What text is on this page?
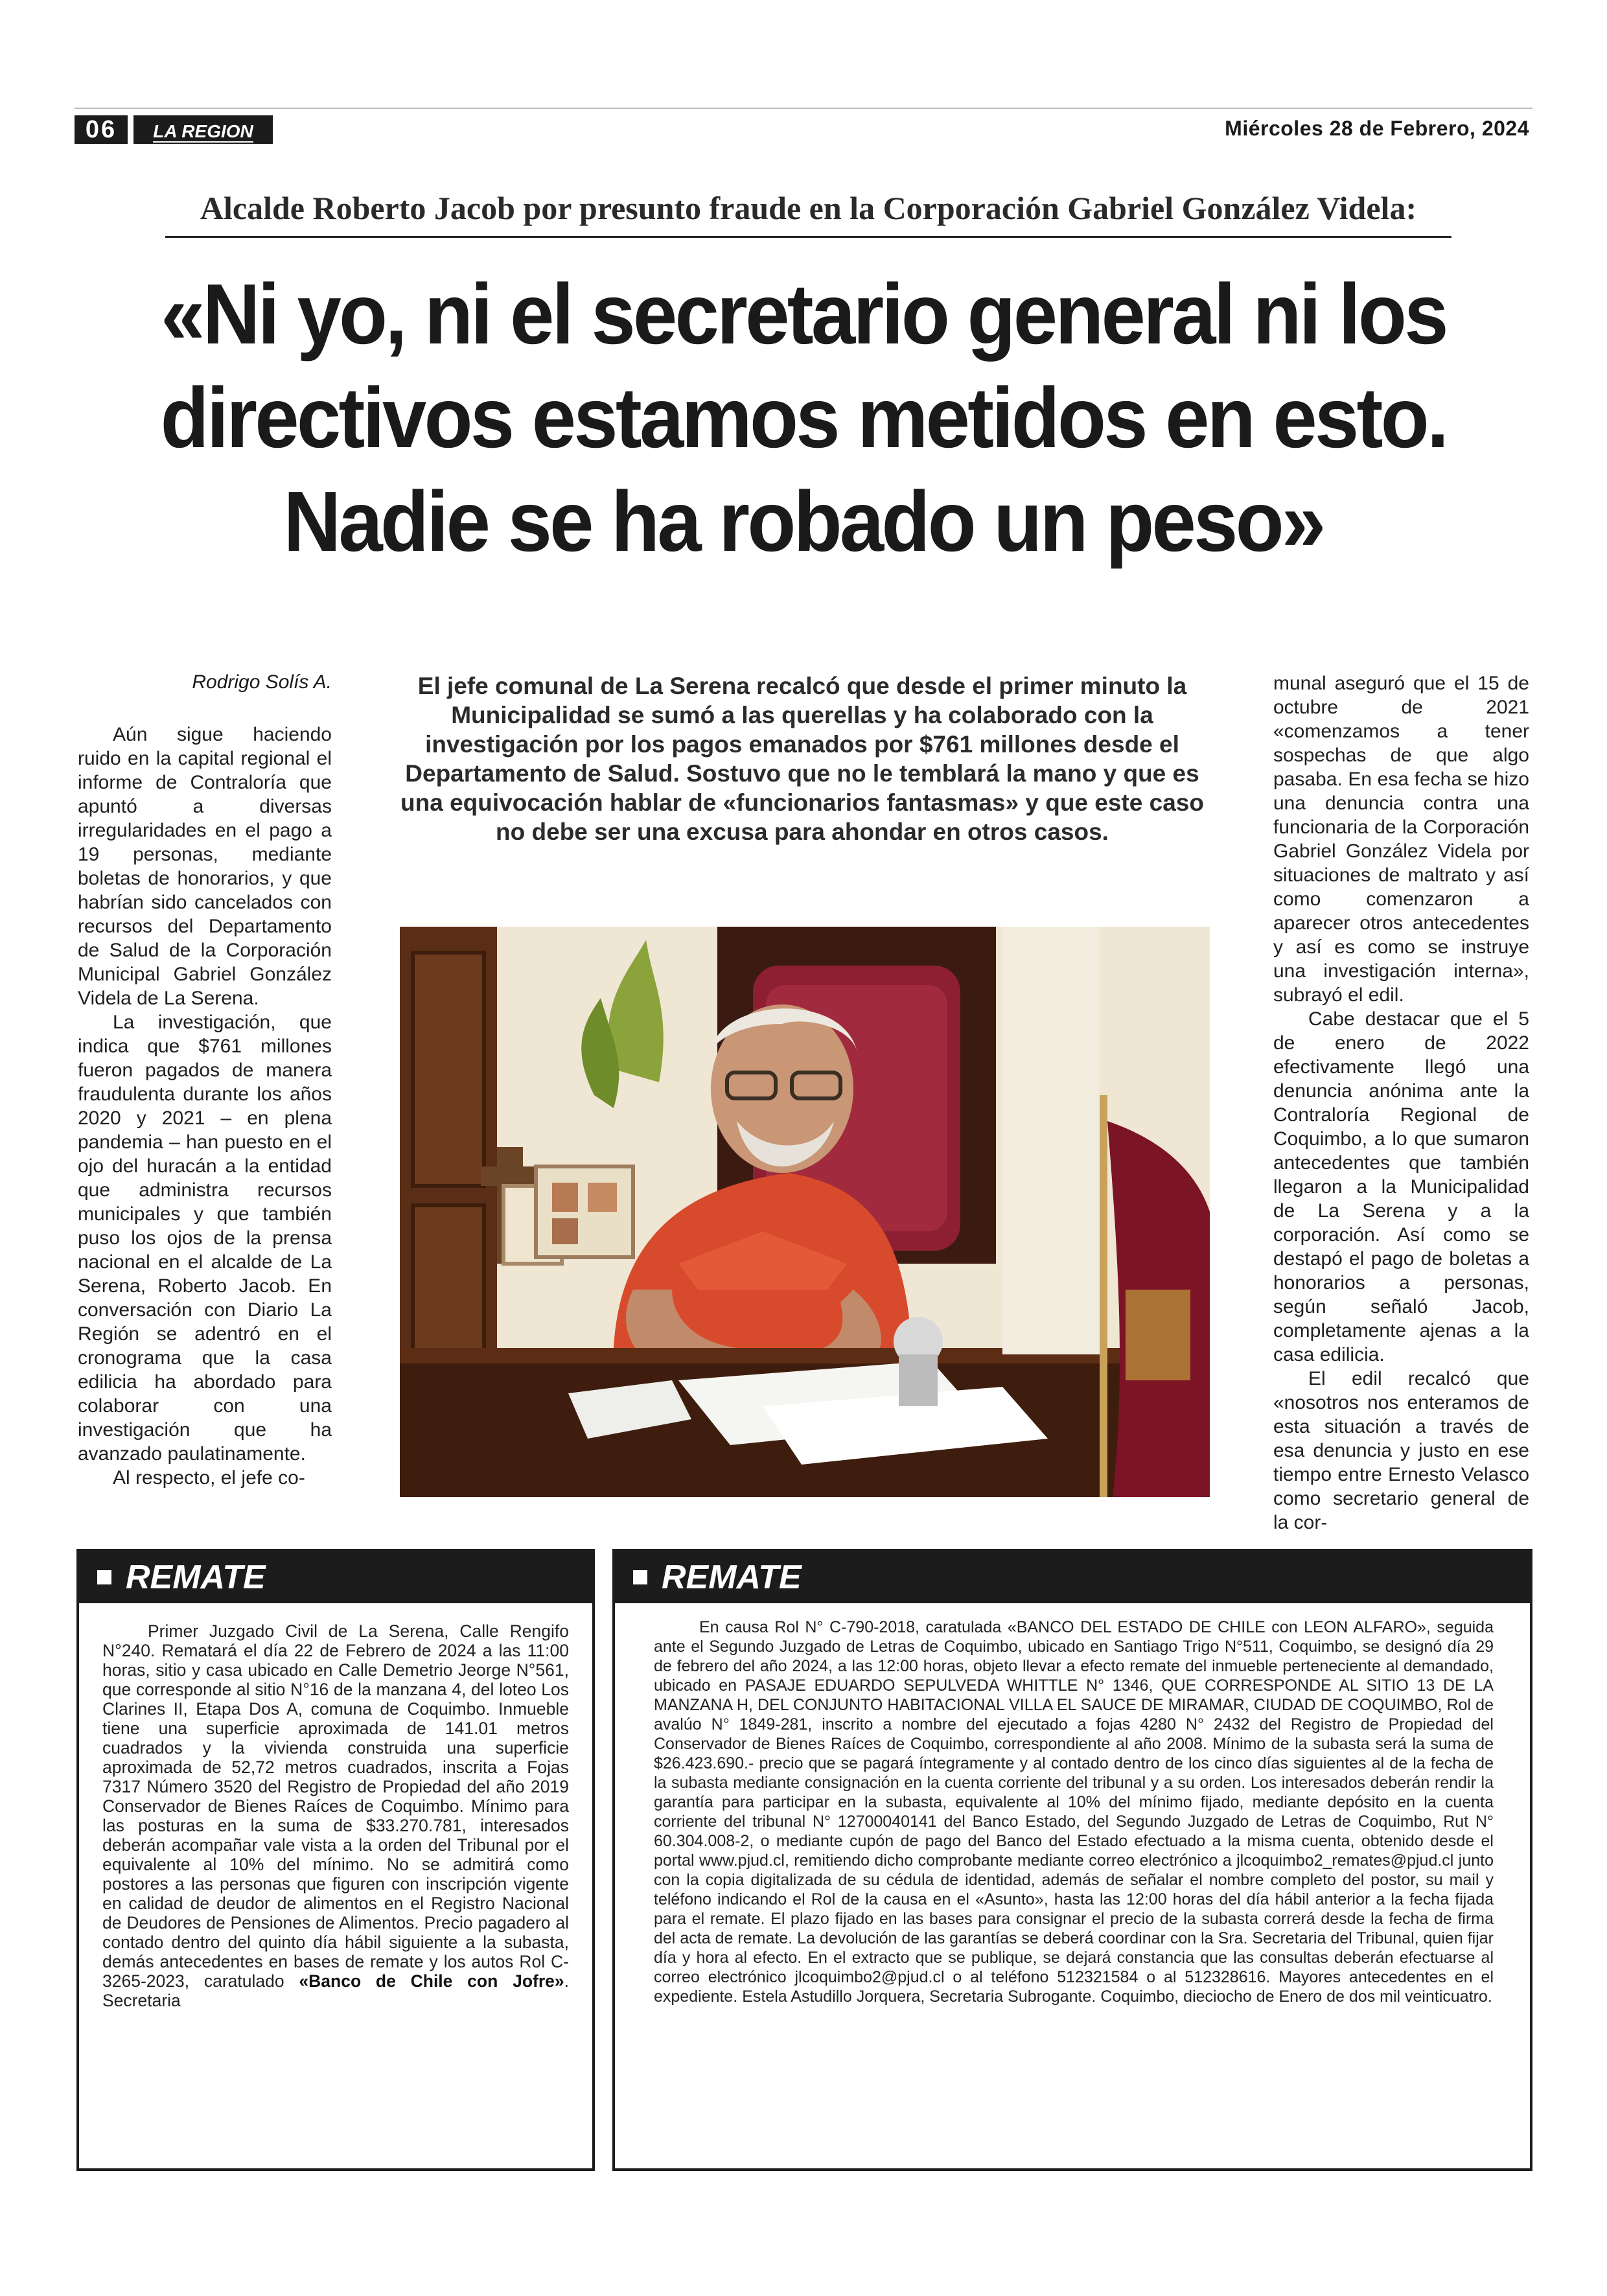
06	LA REGION	Miércoles 28 de Febrero, 2024
Alcalde Roberto Jacob por presunto fraude en la Corporación Gabriel González Videla:
«Ni yo, ni el secretario general ni los directivos estamos metidos en esto. Nadie se ha robado un peso»
Rodrigo Solís A.

Aún sigue haciendo ruido en la capital regional el informe de Contraloría que apuntó a diversas irregularidades en el pago a 19 personas, mediante boletas de honorarios, y que habrían sido cancelados con recursos del Departamento de Salud de la Corporación Municipal Gabriel González Videla de La Serena.

La investigación, que indica que $761 millones fueron pagados de manera fraudulenta durante los años 2020 y 2021 – en plena pandemia – han puesto en el ojo del huracán a la entidad que administra recursos municipales y que también puso los ojos de la prensa nacional en el alcalde de La Serena, Roberto Jacob. En conversación con Diario La Región se adentró en el cronograma que la casa edilicia ha abordado para colaborar con una investigación que ha avanzado paulatinamente.

Al respecto, el jefe co-

El jefe comunal de La Serena recalcó que desde el primer minuto la Municipalidad se sumó a las querellas y ha colaborado con la investigación por los pagos emanados por $761 millones desde el Departamento de Salud. Sostuvo que no le temblará la mano y que es una equivocación hablar de «funcionarios fantasmas» y que este caso no debe ser una excusa para ahondar en otros casos.

munal aseguró que el 15 de octubre de 2021 «comenzamos a tener sospechas de que algo pasaba. En esa fecha se hizo una denuncia contra una funcionaria de la Corporación Gabriel González Videla por situaciones de maltrato y así como comenzaron a aparecer otros antecedentes y así es como se instruye una investigación interna», subrayó el edil.

Cabe destacar que el 5 de enero de 2022 efectivamente llegó una denuncia anónima ante la Contraloría Regional de Coquimbo, a lo que sumaron antecedentes que también llegaron a la Municipalidad de La Serena y a la corporación. Así como se destapó el pago de boletas a honorarios a personas, según señaló Jacob, completamente ajenas a la casa edilicia.

El edil recalcó que «nosotros nos enteramos de esta situación a través de esa denuncia y justo en ese tiempo entre Ernesto Velasco como secretario general de la cor-

REMATE

Primer Juzgado Civil de La Serena, Calle Rengifo N°240. Rematará el día 22 de Febrero de 2024 a las 11:00 horas, sitio y casa ubicado en Calle Demetrio Jeorge N°561, que corresponde al sitio N°16 de la manzana 4, del loteo Los Clarines II, Etapa Dos A, comuna de Coquimbo. Inmueble tiene una superficie aproximada de 141.01 metros cuadrados y la vivienda construida una superficie aproximada de 52,72 metros cuadrados, inscrita a Fojas 7317 Número 3520 del Registro de Propiedad del año 2019 Conservador de Bienes Raíces de Coquimbo. Mínimo para las posturas en la suma de $33.270.781, interesados deberán acompañar vale vista a la orden del Tribunal por el equivalente al 10% del mínimo. No se admitirá como postores a las personas que figuren con inscripción vigente en calidad de deudor de alimentos en el Registro Nacional de Deudores de Pensiones de Alimentos. Precio pagadero al contado dentro del quinto día hábil siguiente a la subasta, demás antecedentes en bases de remate y los autos Rol C-3265-2023, caratulado «Banco de Chile con Jofre». Secretaria

REMATE

En causa Rol N° C-790-2018, caratulada «BANCO DEL ESTADO DE CHILE con LEON ALFARO», seguida ante el Segundo Juzgado de Letras de Coquimbo, ubicado en Santiago Trigo N°511, Coquimbo, se designó día 29 de febrero del año 2024, a las 12:00 horas, objeto llevar a efecto remate del inmueble perteneciente al demandado, ubicado en PASAJE EDUARDO SEPULVEDA WHITTLE N° 1346, QUE CORRESPONDE AL SITIO 13 DE LA MANZANA H, DEL CONJUNTO HABITACIONAL VILLA EL SAUCE DE MIRAMAR, CIUDAD DE COQUIMBO, Rol de avalúo N° 1849-281, inscrito a nombre del ejecutado a fojas 4280 N° 2432 del Registro de Propiedad del Conservador de Bienes Raíces de Coquimbo, correspondiente al año 2008. Mínimo de la subasta será la suma de $26.423.690.- precio que se pagará íntegramente y al contado dentro de los cinco días siguientes al de la fecha de la subasta mediante consignación en la cuenta corriente del tribunal y a su orden. Los interesados deberán rendir la garantía para participar en la subasta, equivalente al 10% del mínimo fijado, mediante depósito en la cuenta corriente del tribunal N° 12700040141 del Banco Estado, del Segundo Juzgado de Letras de Coquimbo, Rut N° 60.304.008-2, o mediante cupón de pago del Banco del Estado efectuado a la misma cuenta, obtenido desde el portal www.pjud.cl, remitiendo dicho comprobante mediante correo electrónico a jlcoquimbo2_remates@pjud.cl junto con la copia digitalizada de su cédula de identidad, además de señalar el nombre completo del postor, su mail y teléfono indicando el Rol de la causa en el «Asunto», hasta las 12:00 horas del día hábil anterior a la fecha fijada para el remate. El plazo fijado en las bases para consignar el precio de la subasta correrá desde la fecha de firma del acta de remate. La devolución de las garantías se deberá coordinar con la Sra. Secretaria del Tribunal, quien fijar día y hora al efecto. En el extracto que se publique, se dejará constancia que las consultas deberán efectuarse al correo electrónico jlcoquimbo2@pjud.cl o al teléfono 512321584 o al 512328616. Mayores antecedentes en el expediente. Estela Astudillo Jorquera, Secretaria Subrogante. Coquimbo, dieciocho de Enero de dos mil veinticuatro.
